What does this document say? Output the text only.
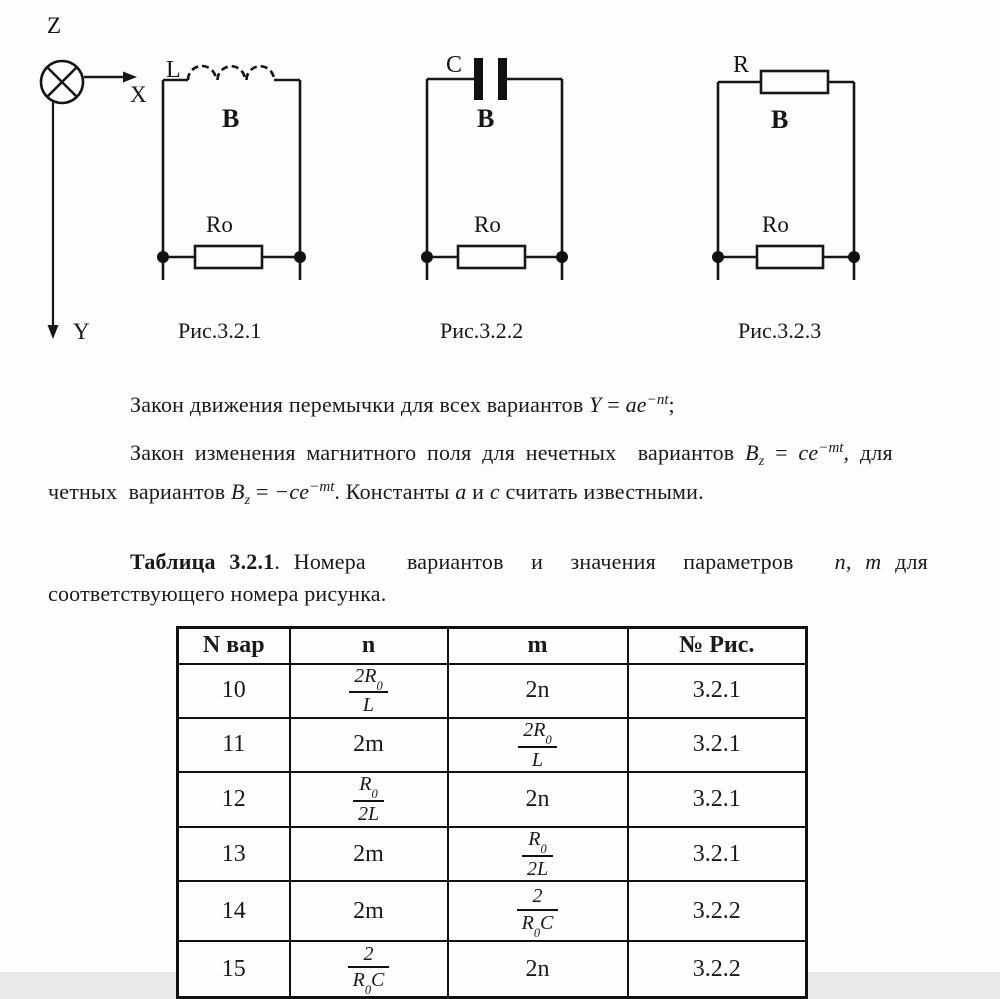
Z
X
Y
L
B
Ro
Рис.3.2.1
C
B
Ro
Рис.3.2.2
R
B
Ro
Рис.3.2.3
Закон движения перемычки для всех вариантов $Y = ae^{-nt}$;
Закон изменения магнитного поля для нечетных  вариантов $B_z = ce^{-mt}$, для
четных  вариантов $B_z = -ce^{-mt}$. Константы a и c считать известными.
Таблица 3.2.1. Номера   вариантов  и  значения  параметров   n, m для
соответствующего номера рисунка.
N вар	n	m	№ Рис.
10	$\frac{2R_0}{L}$	2n	3.2.1
11	2m	$\frac{2R_0}{L}$	3.2.1
12	$\frac{R_0}{2L}$	2n	3.2.1
13	2m	$\frac{R_0}{2L}$	3.2.1
14	2m	$\frac{2}{R_0C}$	3.2.2
15	$\frac{2}{R_0C}$	2n	3.2.2
